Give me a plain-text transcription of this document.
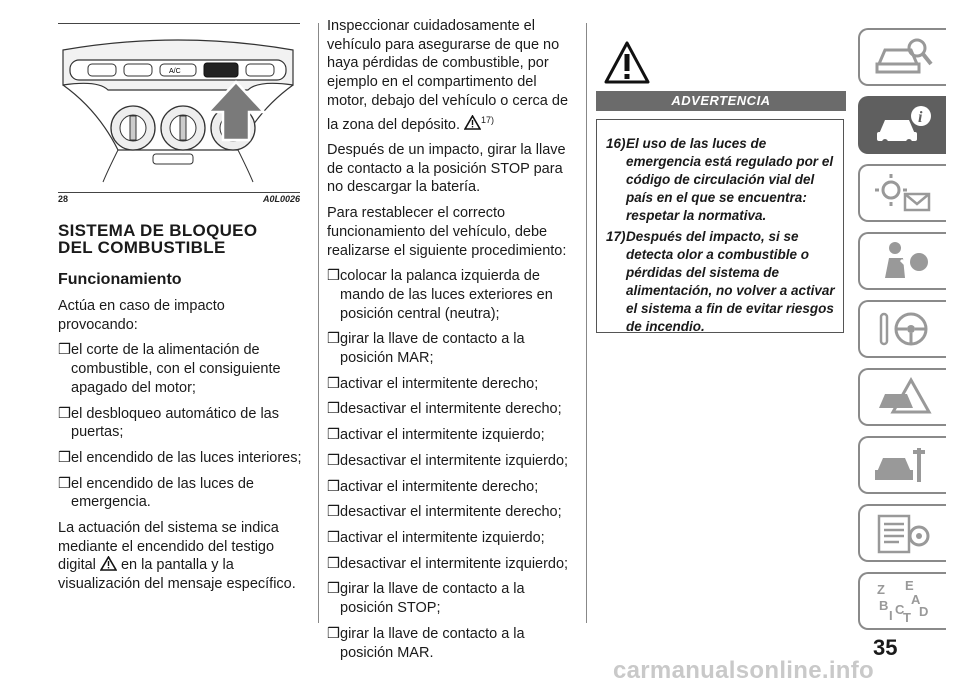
A/C
28	A0L0026
SISTEMA DE BLOQUEO
DEL COMBUSTIBLE
Funcionamiento

Actúa en caso de impacto provocando:

❒ el corte de la alimentación de combustible, con el consiguiente apagado del motor;

❒ el desbloqueo automático de las puertas;

❒ el encendido de las luces interiores;

❒ el encendido de las luces de emergencia.

La actuación del sistema se indica mediante el encendido del testigo digital en la pantalla y la visualización del mensaje específico.

Inspeccionar cuidadosamente el vehículo para asegurarse de que no haya pérdidas de combustible, por ejemplo en el compartimento del motor, debajo del vehículo o cerca de la zona del depósito. $^{17)}$

Después de un impacto, girar la llave de contacto a la posición STOP para no descargar la batería.

Para restablecer el correcto funcionamiento del vehículo, debe realizarse el siguiente procedimiento:

❒ colocar la palanca izquierda de mando de las luces exteriores en posición central (neutra);

❒ girar la llave de contacto a la posición MAR;

❒ activar el intermitente derecho;

❒ desactivar el intermitente derecho;

❒ activar el intermitente izquierdo;

❒ desactivar el intermitente izquierdo;

❒ activar el intermitente derecho;

❒ desactivar el intermitente derecho;

❒ activar el intermitente izquierdo;

❒ desactivar el intermitente izquierdo;

❒ girar la llave de contacto a la posición STOP;

❒ girar la llave de contacto a la posición MAR.

ADVERTENCIA
16) El uso de las luces de emergencia está regulado por el código de circulación vial del país en el que se encuentra: respetar la normativa.
17) Después del impacto, si se detecta olor a combustible o pérdidas del sistema de alimentación, no volver a activar el sistema a fin de evitar riesgos de incendio.
i
Z E
A
B C D
I T
35
carmanualsonline.info
